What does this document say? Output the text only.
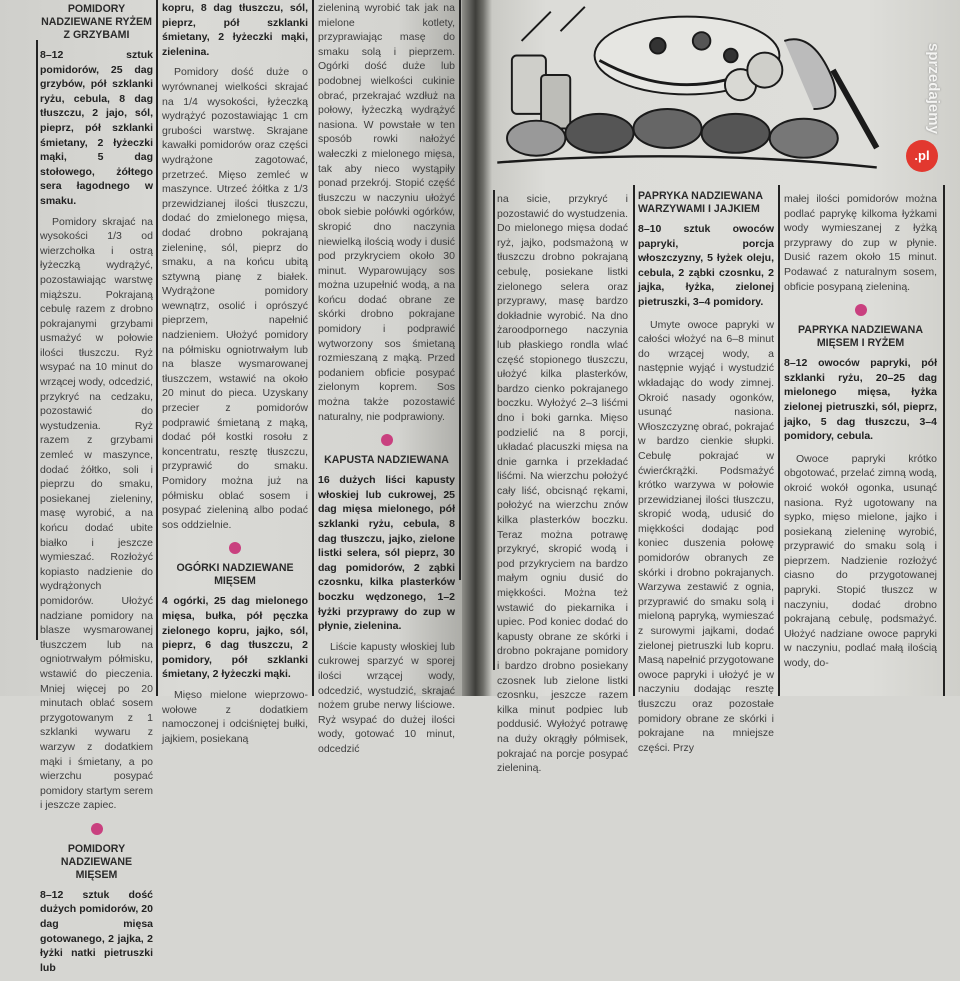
POMIDORY NADZIEWANE RYŻEM Z GRZYBAMI

8–12 sztuk pomidorów, 25 dag grzybów, pół szklanki ryżu, cebula, 8 dag tłuszczu, 2 jajo, sól, pieprz, pół szklanki śmietany, 2 łyżeczki mąki, 5 dag stołowego, żółtego sera łagodnego w smaku.

Pomidory skrajać na wysokości 1/3 od wierzchołka i ostrą łyżeczką wydrążyć, pozostawiając warstwę miąższu. Pokrajaną cebulę razem z drobno pokrajanymi grzybami usmażyć w połowie ilości tłuszczu. Ryż wsypać na 10 minut do wrzącej wody, odcedzić, przykryć na cedzaku, pozostawić do wystudzenia. Ryż razem z grzybami zemleć w maszynce, dodać żółtko, soli i pieprzu do smaku, posiekanej zieleniny, masę wyrobić, a na końcu dodać ubite białko i jeszcze wymieszać. Rozłożyć kopiasto nadzienie do wydrążonych pomidorów. Ułożyć nadziane pomidory na blasze wysmarowanej tłuszczem lub na ogniotrwałym półmisku, wstawić do pieczenia. Mniej więcej po 20 minutach oblać sosem przygotowanym z 1 szklanki wywaru z warzyw z dodatkiem mąki i śmietany, a po wierzchu posypać pomidory startym serem i jeszcze zapiec.

POMIDORY NADZIEWANE MIĘSEM

8–12 sztuk dość dużych pomidorów, 20 dag mięsa gotowanego, 2 jajka, 2 łyżki natki pietruszki lub

kopru, 8 dag tłuszczu, sól, pieprz, pół szklanki śmietany, 2 łyżeczki mąki, zielenina.

Pomidory dość duże o wyrównanej wielkości skrajać na 1/4 wysokości, łyżeczką wydrążyć pozostawiając 1 cm grubości warstwę. Skrajane kawałki pomidorów oraz części wydrążone zagotować, przetrzeć. Mięso zemleć w maszynce. Utrzeć żółtka z 1/3 przewidzianej ilości tłuszczu, dodać do zmielonego mięsa, dodać drobno pokrajaną zieleninę, sól, pieprz do smaku, a na końcu ubitą sztywną pianę z białek. Wydrążone pomidory wewnątrz, osolić i oprószyć pieprzem, napełnić nadzieniem. Ułożyć pomidory na półmisku ogniotrwałym lub na blasze wysmarowanej tłuszczem, wstawić na około 20 minut do pieca. Uzyskany przecier z pomidorów podprawić śmietaną z mąką, dodać pół kostki rosołu z koncentratu, resztę tłuszczu, przyprawić do smaku. Pomidory można już na półmisku oblać sosem i posypać zieleniną albo podać sos oddzielnie.

OGÓRKI NADZIEWANE MIĘSEM

4 ogórki, 25 dag mielonego mięsa, bułka, pół pęczka zielonego kopru, jajko, sól, pieprz, 6 dag tłuszczu, 2 pomidory, pół szklanki śmietany, 2 łyżeczki mąki.

Mięso mielone wieprzowo-wołowe z dodatkiem namoczonej i odciśniętej bułki, jajkiem, posiekaną

zieleniną wyrobić tak jak na mielone kotlety, przyprawiając masę do smaku solą i pieprzem. Ogórki dość duże lub podobnej wielkości cukinie obrać, przekrajać wzdłuż na połowy, łyżeczką wydrążyć nasiona. W powstałe w ten sposób rowki nałożyć wałeczki z mielonego mięsa, tak aby nieco wystąpiły ponad przekrój. Stopić część tłuszczu w naczyniu ułożyć obok siebie połówki ogórków, skropić dno naczynia niewielką ilością wody i dusić pod przykryciem około 30 minut. Wyparowujący sos można uzupełnić wodą, a na końcu dodać obrane ze skórki drobno pokrajane pomidory i podprawić wytworzony sos śmietaną rozmieszaną z mąką. Przed podaniem obficie posypać zielonym koprem. Sos można także pozostawić naturalny, nie podprawiony.

KAPUSTA NADZIEWANA

16 dużych liści kapusty włoskiej lub cukrowej, 25 dag mięsa mielonego, pół szklanki ryżu, cebula, 8 dag tłuszczu, jajko, zielone listki selera, sól pieprz, 30 dag pomidorów, 2 ząbki czosnku, kilka plasterków boczku wędzonego, 1–2 łyżki przyprawy do zup w płynie, zielenina.

Liście kapusty włoskiej lub cukrowej sparzyć w sporej ilości wrzącej wody, odcedzić, wystudzić, skrajać nożem grube nerwy liściowe. Ryż wsypać do dużej ilości wody, gotować 10 minut, odcedzić

na sicie, przykryć i pozostawić do wystudzenia. Do mielonego mięsa dodać ryż, jajko, podsmażoną w tłuszczu drobno pokrajaną cebulę, posiekane listki zielonego selera oraz przyprawy, masę bardzo dokładnie wyrobić. Na dno żaroodpornego naczynia lub płaskiego rondla wlać część stopionego tłuszczu, ułożyć kilka plasterków, bardzo cienko pokrajanego boczku. Wyłożyć 2–3 liśćmi dno i boki garnka. Mięso podzielić na 8 porcji, układać placuszki mięsa na dnie garnka i przekładać liśćmi. Na wierzchu położyć cały liść, obcisnąć rękami, położyć na wierzchu znów kilka plasterków boczku. Teraz można potrawę przykryć, skropić wodą i pod przykryciem na bardzo małym ogniu dusić do miękkości. Można też wstawić do piekarnika i upiec. Pod koniec dodać do kapusty obrane ze skórki i drobno pokrajane pomidory i bardzo drobno posiekany czosnek lub zielone listki czosnku, jeszcze razem kilka minut podpiec lub poddusić. Wyłożyć potrawę na duży okrągły półmisek, pokrajać na porcje posypać zieleniną.

PAPRYKA NADZIEWANA WARZYWAMI I JAJKIEM

8–10 sztuk owoców papryki, porcja włoszczyzny, 5 łyżek oleju, cebula, 2 ząbki czosnku, 2 jajka, łyżka, zielonej pietruszki, 3–4 pomidory.

Umyte owoce papryki w całości włożyć na 6–8 minut do wrzącej wody, a następnie wyjąć i wystudzić wkładając do wody zimnej. Okroić nasady ogonków, usunąć nasiona. Włoszczyznę obrać, pokrajać w bardzo cienkie słupki. Cebulę pokrajać w ćwierćkrążki. Podsmażyć krótko warzywa w połowie przewidzianej ilości tłuszczu, skropić wodą, udusić do miękkości dodając pod koniec duszenia połowę pomidorów obranych ze skórki i drobno pokrajanych. Warzywa zestawić z ognia, przyprawić do smaku solą i mieloną papryką, wymieszać z surowymi jajkami, dodać zielonej pietruszki lub kopru. Masą napełnić przygotowane owoce papryki i ułożyć je w naczyniu dodając resztę tłuszczu oraz pozostałe pomidory obrane ze skórki i pokrajane na mniejsze części. Przy

małej ilości pomidorów można podlać paprykę kilkoma łyżkami wody wymieszanej z łyżką przyprawy do zup w płynie. Dusić razem około 15 minut. Podawać z naturalnym sosem, obficie posypaną zieleniną.

PAPRYKA NADZIEWANA MIĘSEM I RYŻEM

8–12 owoców papryki, pół szklanki ryżu, 20–25 dag mielonego mięsa, łyżka zielonej pietruszki, sól, pieprz, jajko, 5 dag tłuszczu, 3–4 pomidory, cebula.

Owoce papryki krótko obgotować, przelać zimną wodą, okroić wokół ogonka, usunąć nasiona. Ryż ugotowany na sypko, mięso mielone, jajko i posiekaną zieleninę wyrobić, przyprawić do smaku solą i pieprzem. Nadzienie rozłożyć ciasno do przygotowanej papryki. Stopić tłuszcz w naczyniu, dodać drobno pokrajaną cebulę, podsmażyć. Ułożyć nadziane owoce papryki w naczyniu, podlać małą ilością wody, do-

sprzedajemy
.pl
